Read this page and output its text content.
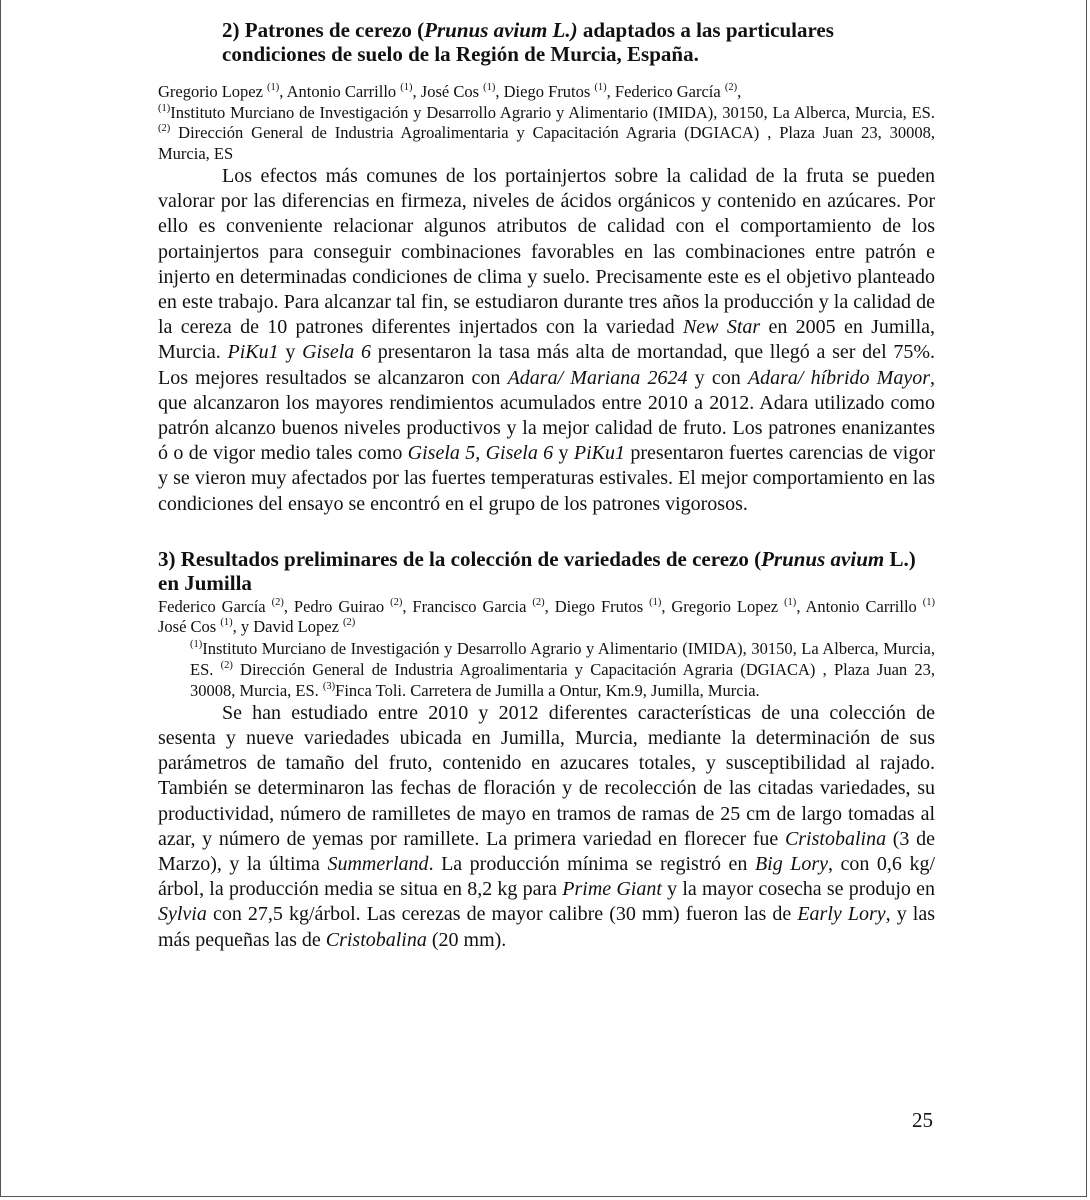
2) Patrones de cerezo (Prunus avium L.) adaptados a las particulares condiciones de suelo de la Región de Murcia, España.

Gregorio Lopez $^{(1)}$, Antonio Carrillo $^{(1)}$, José Cos $^{(1)}$, Diego Frutos $^{(1)}$, Federico García $^{(2)}$,

$^{(1)}$Instituto Murciano de Investigación y Desarrollo Agrario y Alimentario (IMIDA), 30150, La Alberca, Murcia, ES. $^{(2)}$ Dirección General de Industria Agroalimentaria y Capacitación Agraria (DGIACA) , Plaza Juan 23, 30008, Murcia, ES

Los efectos más comunes de los portainjertos sobre la calidad de la fruta se pueden valorar por las diferencias en firmeza, niveles de ácidos orgánicos y contenido en azúcares. Por ello es conveniente relacionar algunos atributos de calidad con el comportamiento de los portainjertos para conseguir combinaciones favorables en las combinaciones entre patrón e injerto en determinadas condiciones de clima y suelo. Precisamente este es el objetivo planteado en este trabajo. Para alcanzar tal fin, se estudiaron durante tres años la producción y la calidad de la cereza de 10 patrones diferentes injertados con la variedad New Star en 2005 en Jumilla, Murcia. PiKu1 y Gisela 6 presentaron la tasa más alta de mortandad, que llegó a ser del 75%. Los mejores resultados se alcanzaron con Adara/ Mariana 2624 y con Adara/ híbrido Mayor, que alcanzaron los mayores rendimientos acumulados entre 2010 a 2012. Adara utilizado como patrón alcanzo buenos niveles productivos y la mejor calidad de fruto. Los patrones enanizantes ó o de vigor medio tales como Gisela 5, Gisela 6 y PiKu1 presentaron fuertes carencias de vigor y se vieron muy afectados por las fuertes temperaturas estivales. El mejor comportamiento en las condiciones del ensayo se encontró en el grupo de los patrones vigorosos.

3) Resultados preliminares de la colección de variedades de cerezo (Prunus avium L.) en Jumilla

Federico García $^{(2)}$, Pedro Guirao $^{(2)}$, Francisco Garcia $^{(2)}$, Diego Frutos $^{(1)}$, Gregorio Lopez $^{(1)}$, Antonio Carrillo $^{(1)}$ José Cos $^{(1)}$, y David Lopez $^{(2)}$

$^{(1)}$Instituto Murciano de Investigación y Desarrollo Agrario y Alimentario (IMIDA), 30150, La Alberca, Murcia, ES. $^{(2)}$ Dirección General de Industria Agroalimentaria y Capacitación Agraria (DGIACA) , Plaza Juan 23, 30008, Murcia, ES. $^{(3)}$Finca Toli. Carretera de Jumilla a Ontur, Km.9, Jumilla, Murcia.

Se han estudiado entre 2010 y 2012 diferentes características de una colección de sesenta y nueve variedades ubicada en Jumilla, Murcia, mediante la determinación de sus parámetros de tamaño del fruto, contenido en azucares totales, y susceptibilidad al rajado. También se determinaron las fechas de floración y de recolección de las citadas variedades, su productividad, número de ramilletes de mayo en tramos de ramas de 25 cm de largo tomadas al azar, y número de yemas por ramillete. La primera variedad en florecer fue Cristobalina (3 de Marzo), y la última Summerland. La producción mínima se registró en Big Lory, con 0,6 kg/árbol, la producción media se situa en 8,2 kg para Prime Giant y la mayor cosecha se produjo en Sylvia con 27,5 kg/árbol. Las cerezas de mayor calibre (30 mm) fueron las de Early Lory, y las más pequeñas las de Cristobalina (20 mm).

25
